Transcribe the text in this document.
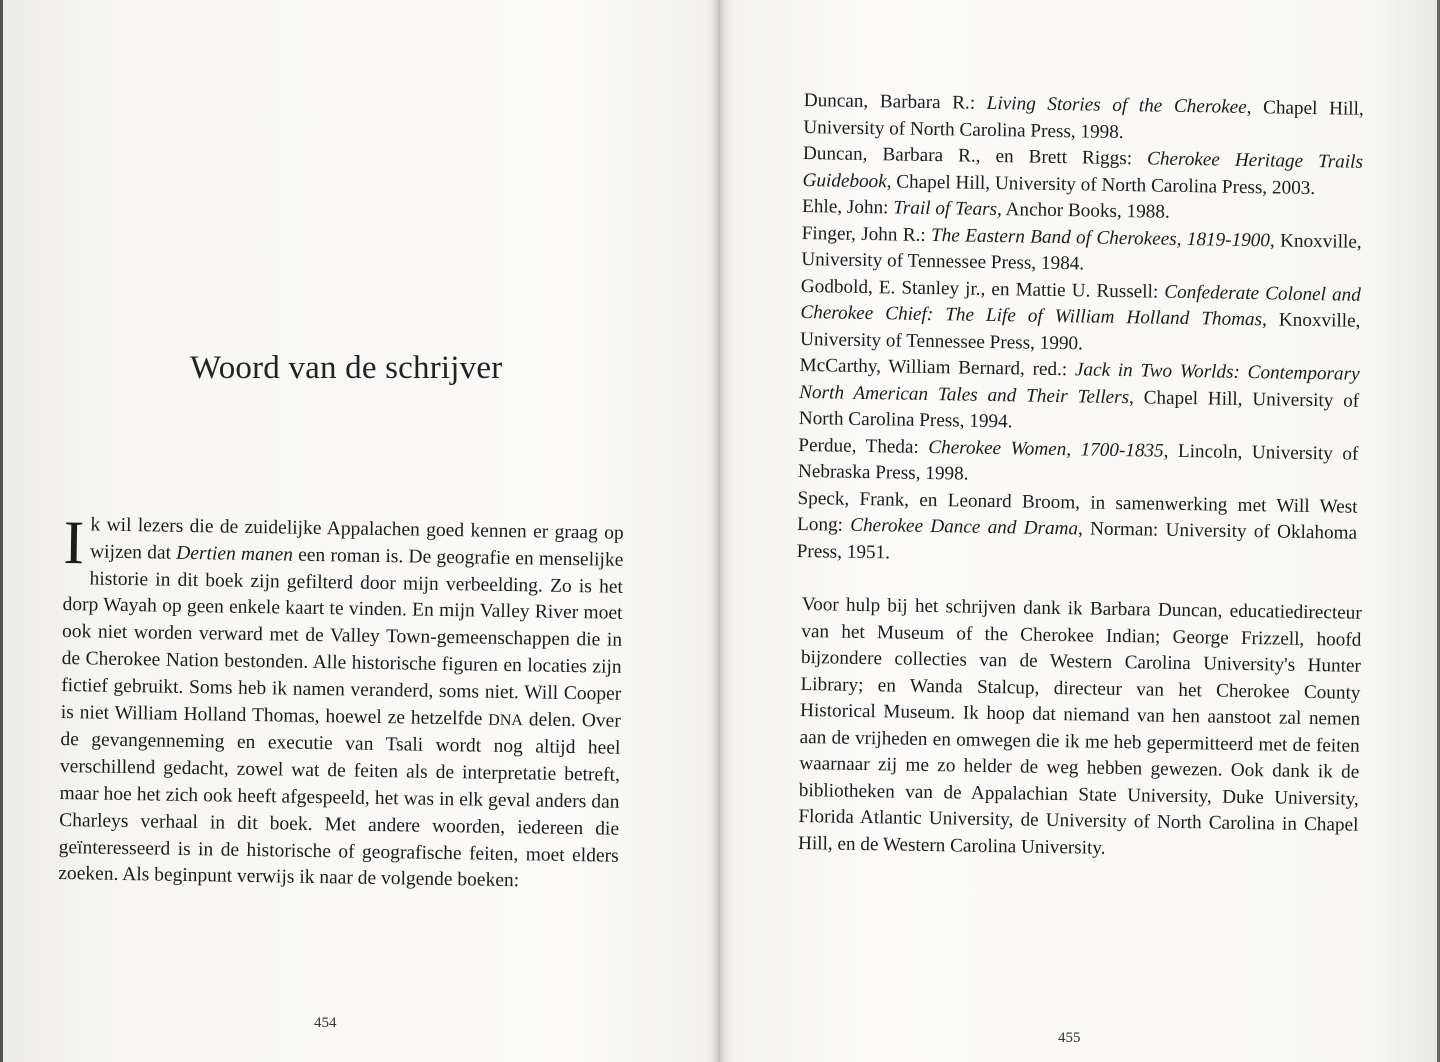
Woord van de schrijver

Ik wil lezers die de zuidelijke Appalachen goed kennen er graag op wijzen dat Dertien manen een roman is. De geografie en menselijke historie in dit boek zijn gefilterd door mijn verbeelding. Zo is het dorp Wayah op geen enkele kaart te vinden. En mijn Valley River moet ook niet worden verward met de Valley Town-gemeenschappen die in de Cherokee Nation bestonden. Alle historische figuren en locaties zijn fictief gebruikt. Soms heb ik namen veranderd, soms niet. Will Cooper is niet William Holland Thomas, hoewel ze hetzelfde DNA delen. Over de gevangenneming en executie van Tsali wordt nog altijd heel verschillend gedacht, zowel wat de feiten als de interpretatie betreft, maar hoe het zich ook heeft afgespeeld, het was in elk geval anders dan Charleys verhaal in dit boek. Met andere woorden, iedereen die geïnteresseerd is in de historische of geografische feiten, moet elders zoeken. Als beginpunt verwijs ik naar de volgende boeken:

454
Duncan, Barbara R.: Living Stories of the Cherokee, Chapel Hill, University of North Carolina Press, 1998.
Duncan, Barbara R., en Brett Riggs: Cherokee Heritage Trails Guidebook, Chapel Hill, University of North Carolina Press, 2003.
Ehle, John: Trail of Tears, Anchor Books, 1988.
Finger, John R.: The Eastern Band of Cherokees, 1819-1900, Knoxville, University of Tennessee Press, 1984.
Godbold, E. Stanley jr., en Mattie U. Russell: Confederate Colonel and Cherokee Chief: The Life of William Holland Thomas, Knoxville, University of Tennessee Press, 1990.
McCarthy, William Bernard, red.: Jack in Two Worlds: Contemporary North American Tales and Their Tellers, Chapel Hill, University of North Carolina Press, 1994.
Perdue, Theda: Cherokee Women, 1700-1835, Lincoln, University of Nebraska Press, 1998.
Speck, Frank, en Leonard Broom, in samenwerking met Will West Long: Cherokee Dance and Drama, Norman: University of Oklahoma Press, 1951.

Voor hulp bij het schrijven dank ik Barbara Duncan, educatiedirecteur van het Museum of the Cherokee Indian; George Frizzell, hoofd bijzondere collecties van de Western Carolina University's Hunter Library; en Wanda Stalcup, directeur van het Cherokee County Historical Museum. Ik hoop dat niemand van hen aanstoot zal nemen aan de vrijheden en omwegen die ik me heb gepermitteerd met de feiten waarnaar zij me zo helder de weg hebben gewezen. Ook dank ik de bibliotheken van de Appalachian State University, Duke University, Florida Atlantic University, de University of North Carolina in Chapel Hill, en de Western Carolina University.

455
